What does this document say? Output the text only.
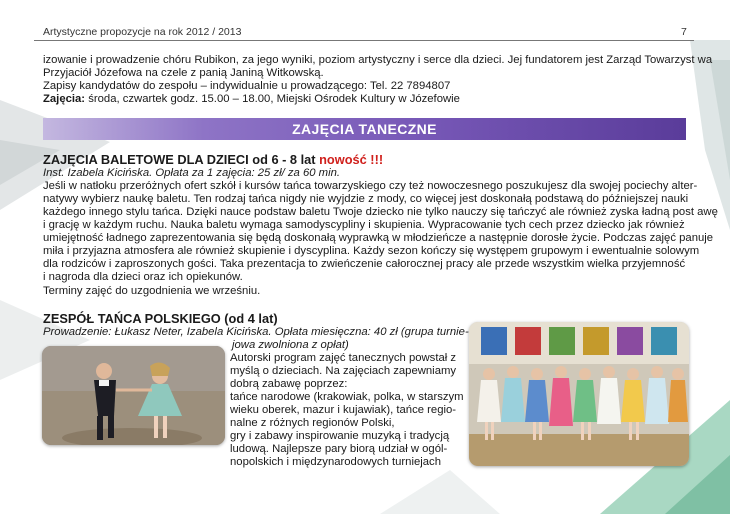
Artystyczne propozycje na rok 2012 / 2013	7
izowanie i prowadzenie chóru Rubikon, za jego wyniki, poziom artystyczny i serce dla dzieci. Jej fundatorem jest Zarząd Towarzyst wa
Przyjaciół Józefowa na czele z panią Janiną Witkowską.
Zapisy kandydatów do zespołu – indywidualnie u prowadzącego: Tel. 22 7894807
Zajęcia: środa, czwartek godz. 15.00 – 18.00, Miejski Ośrodek Kultury w Józefowie
ZAJĘCIA TANECZNE
ZAJĘCIA BALETOWE DLA DZIECI od 6 - 8 lat nowość !!!
Inst. Izabela Kicińska. Opłata za 1 zajęcia: 25 zł/ za 60 min.
Jeśli w natłoku przeróżnych ofert szkół i kursów tańca towarzyskiego czy też nowoczesnego poszukujesz dla swojej pociechy alter-
natywy wybierz naukę baletu. Ten rodzaj tańca nigdy nie wyjdzie z mody, co więcej jest doskonałą podstawą do późniejszej nauki
każdego innego stylu tańca. Dzięki nauce podstaw baletu Twoje dziecko nie tylko nauczy się tańczyć ale również zyska ładną post awę
i grację w każdym ruchu. Nauka baletu wymaga samodyscypliny i skupienia. Wypracowanie tych cech przez dziecko jak również
umiejętność ładnego zaprezentowania się będą doskonałą wyprawką w młodzieńcze a następnie dorosłe życie. Podczas zajęć panuje
miła i przyjazna atmosfera ale również skupienie i dyscyplina. Każdy sezon kończy się występem grupowym i ewentualnie solowym
dla rodziców i zaproszonych gości. Taka prezentacja to zwieńczenie całorocznej pracy ale przede wszystkim wielka przyjemność
i nagroda dla dzieci oraz ich opiekunów.
Terminy zajęć do uzgodnienia we wrześniu.
ZESPÓŁ TAŃCA POLSKIEGO (od 4 lat)
Prowadzenie: Łukasz Neter, Izabela Kicińska. Opłata miesięczna: 40 zł (grupa turnie-
jowa zwolniona z opłat)
Autorski program zajęć tanecznych powstał z
myślą o dzieciach. Na zajęciach zapewniamy
dobrą zabawę poprzez:
tańce narodowe (krakowiak, polka, w starszym
wieku oberek, mazur i kujawiak), tańce regio-
nalne z różnych regionów Polski,
gry i zabawy inspirowanie muzyką i tradycją
ludową. Najlepsze pary biorą udział w ogól-
nopolskich i międzynarodowych turniejach
